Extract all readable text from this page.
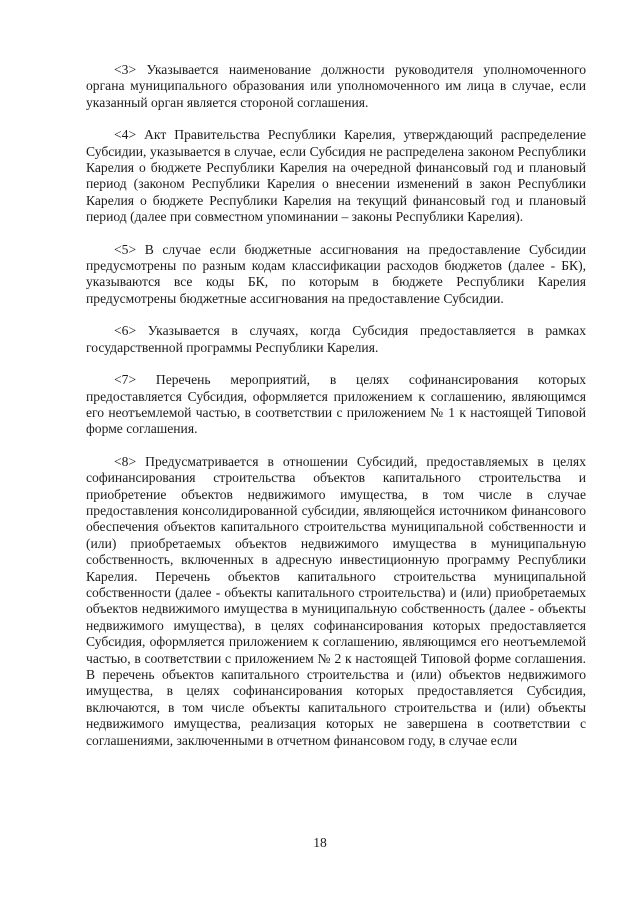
<3> Указывается наименование должности руководителя уполномоченного органа муниципального образования или уполномоченного им лица в случае, если указанный орган является стороной соглашения.

<4> Акт Правительства Республики Карелия, утверждающий распределение Субсидии, указывается в случае, если Субсидия не распределена законом Республики Карелия о бюджете Республики Карелия на очередной финансовый год и плановый период (законом Республики Карелия о внесении изменений в закон Республики Карелия о бюджете Республики Карелия на текущий финансовый год и плановый период (далее при совместном упоминании – законы Республики Карелия).

<5> В случае если бюджетные ассигнования на предоставление Субсидии предусмотрены по разным кодам классификации расходов бюджетов (далее - БК), указываются все коды БК, по которым в бюджете Республики Карелия предусмотрены бюджетные ассигнования на предоставление Субсидии.

<6> Указывается в случаях, когда Субсидия предоставляется в рамках государственной программы Республики Карелия.

<7> Перечень мероприятий, в целях софинансирования которых предоставляется Субсидия, оформляется приложением к соглашению, являющимся его неотъемлемой частью, в соответствии с приложением № 1 к настоящей Типовой форме соглашения.

<8> Предусматривается в отношении Субсидий, предоставляемых в целях софинансирования строительства объектов капитального строительства и приобретение объектов недвижимого имущества, в том числе в случае предоставления консолидированной субсидии, являющейся источником финансового обеспечения объектов капитального строительства муниципальной собственности и (или) приобретаемых объектов недвижимого имущества в муниципальную собственность, включенных в адресную инвестиционную программу Республики Карелия. Перечень объектов капитального строительства муниципальной собственности (далее - объекты капитального строительства) и (или) приобретаемых объектов недвижимого имущества в муниципальную собственность (далее - объекты недвижимого имущества), в целях софинансирования которых предоставляется Субсидия, оформляется приложением к соглашению, являющимся его неотъемлемой частью, в соответствии с приложением № 2 к настоящей Типовой форме соглашения. В перечень объектов капитального строительства и (или) объектов недвижимого имущества, в целях софинансирования которых предоставляется Субсидия, включаются, в том числе объекты капитального строительства и (или) объекты недвижимого имущества, реализация которых не завершена в соответствии с соглашениями, заключенными в отчетном финансовом году, в случае если

18
